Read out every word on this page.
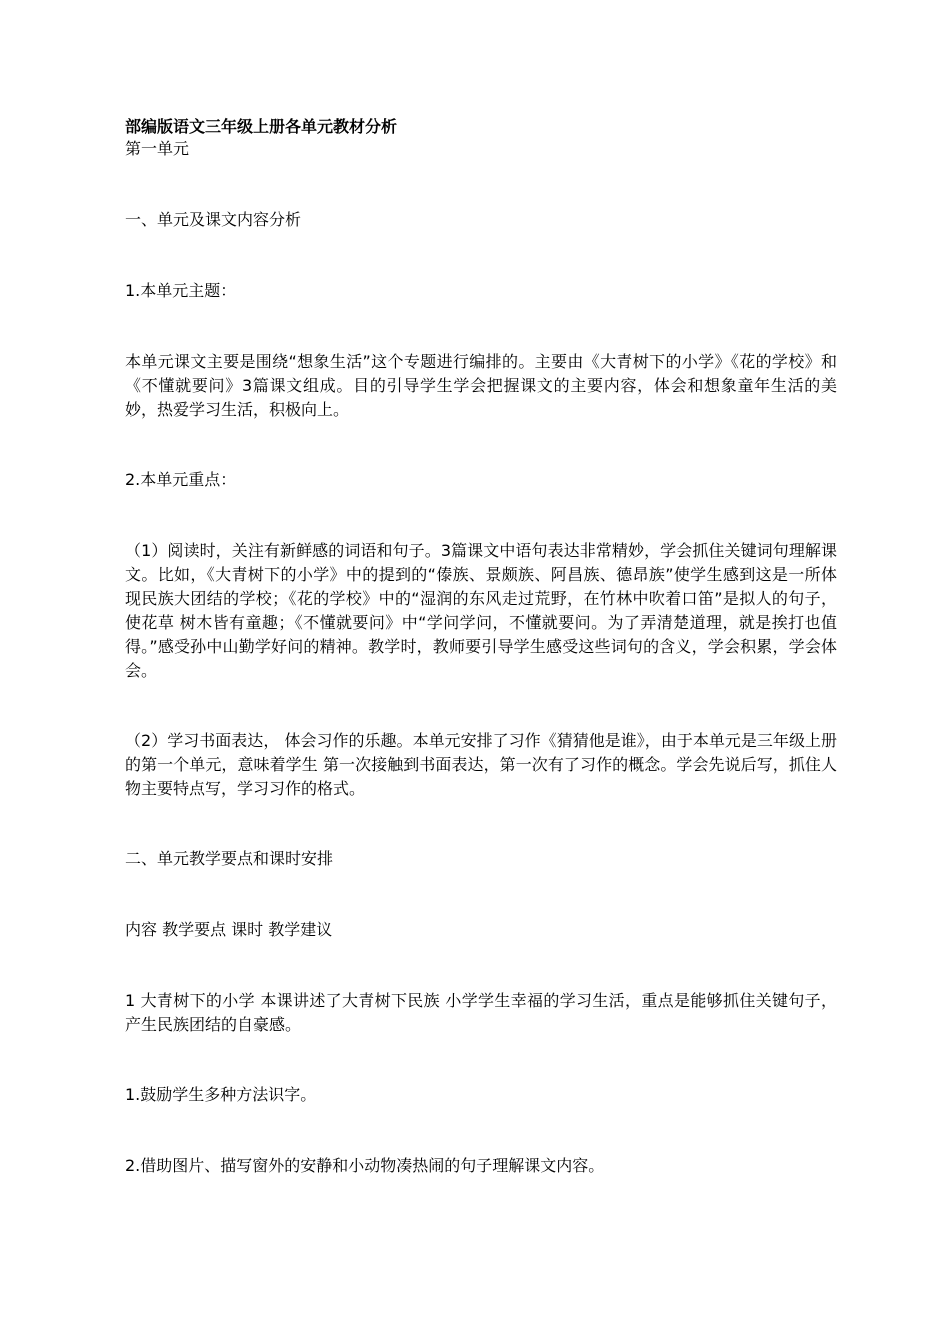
部编版语文三年级上册各单元教材分析

第一单元

一、单元及课文内容分析

1.本单元主题：

本单元课文主要是围绕“想象生活”这个专题进行编排的。主要由《大青树下的小学》《花的学校》和《不懂就要问》3篇课文组成。目的引导学生学会把握课文的主要内容，体会和想象童年生活的美妙，热爱学习生活，积极向上。

2.本单元重点：

（1）阅读时，关注有新鲜感的词语和句子。3篇课文中语句表达非常精妙，学会抓住关键词句理解课文。比如，《大青树下的小学》中的提到的“傣族、景颇族、阿昌族、德昂族”使学生感到这是一所体现民族大团结的学校；《花的学校》中的“湿润的东风走过荒野，在竹林中吹着口笛”是拟人的句子，使花草 树木皆有童趣；《不懂就要问》中“学问学问，不懂就要问。为了弄清楚道理，就是挨打也值得。”感受孙中山勤学好问的精神。教学时，教师要引导学生感受这些词句的含义，学会积累，学会体会。

（2）学习书面表达， 体会习作的乐趣。本单元安排了习作《猜猜他是谁》，由于本单元是三年级上册的第一个单元，意味着学生 第一次接触到书面表达，第一次有了习作的概念。学会先说后写，抓住人物主要特点写，学习习作的格式。

二、单元教学要点和课时安排

内容 教学要点 课时 教学建议

1 大青树下的小学 本课讲述了大青树下民族 小学学生幸福的学习生活，重点是能够抓住关键句子，产生民族团结的自豪感。

1.鼓励学生多种方法识字。

2.借助图片、描写窗外的安静和小动物凑热闹的句子理解课文内容。
